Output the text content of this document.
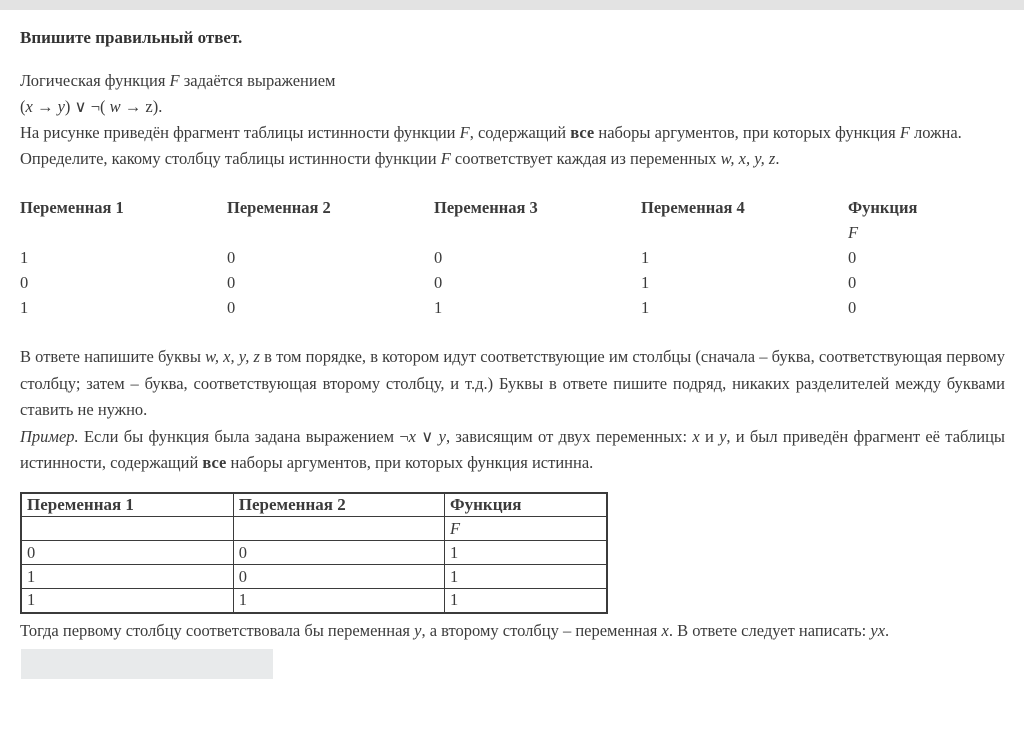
Впишите правильный ответ.

Логическая функция F задаётся выражением

(x → y) ∨ ¬( w → z).

На рисунке приведён фрагмент таблицы истинности функции F, содержащий все наборы аргументов, при которых функция F ложна.

Определите, какому столбцу таблицы истинности функции F соответствует каждая из переменных w, x, y, z.

Переменная 1	Переменная 2	Переменная 3	Переменная 4	Функция
				F
1	0	0	1	0
0	0	0	1	0
1	0	1	1	0

В ответе напишите буквы w, x, y, z в том порядке, в котором идут соответствующие им столбцы (сначала – буква, соответствующая первому столбцу; затем – буква, соответствующая второму столбцу, и т.д.) Буквы в ответе пишите подряд, никаких разделителей между буквами ставить не нужно.

Пример. Если бы функция была задана выражением ¬x ∨ y, зависящим от двух переменных: x и y, и был приведён фрагмент её таблицы истинности, содержащий все наборы аргументов, при которых функция истинна.

Переменная 1	Переменная 2	Функция
		F
0	0	1
1	0	1
1	1	1

Тогда первому столбцу соответствовала бы переменная y, а второму столбцу – переменная x. В ответе следует написать: yx.
